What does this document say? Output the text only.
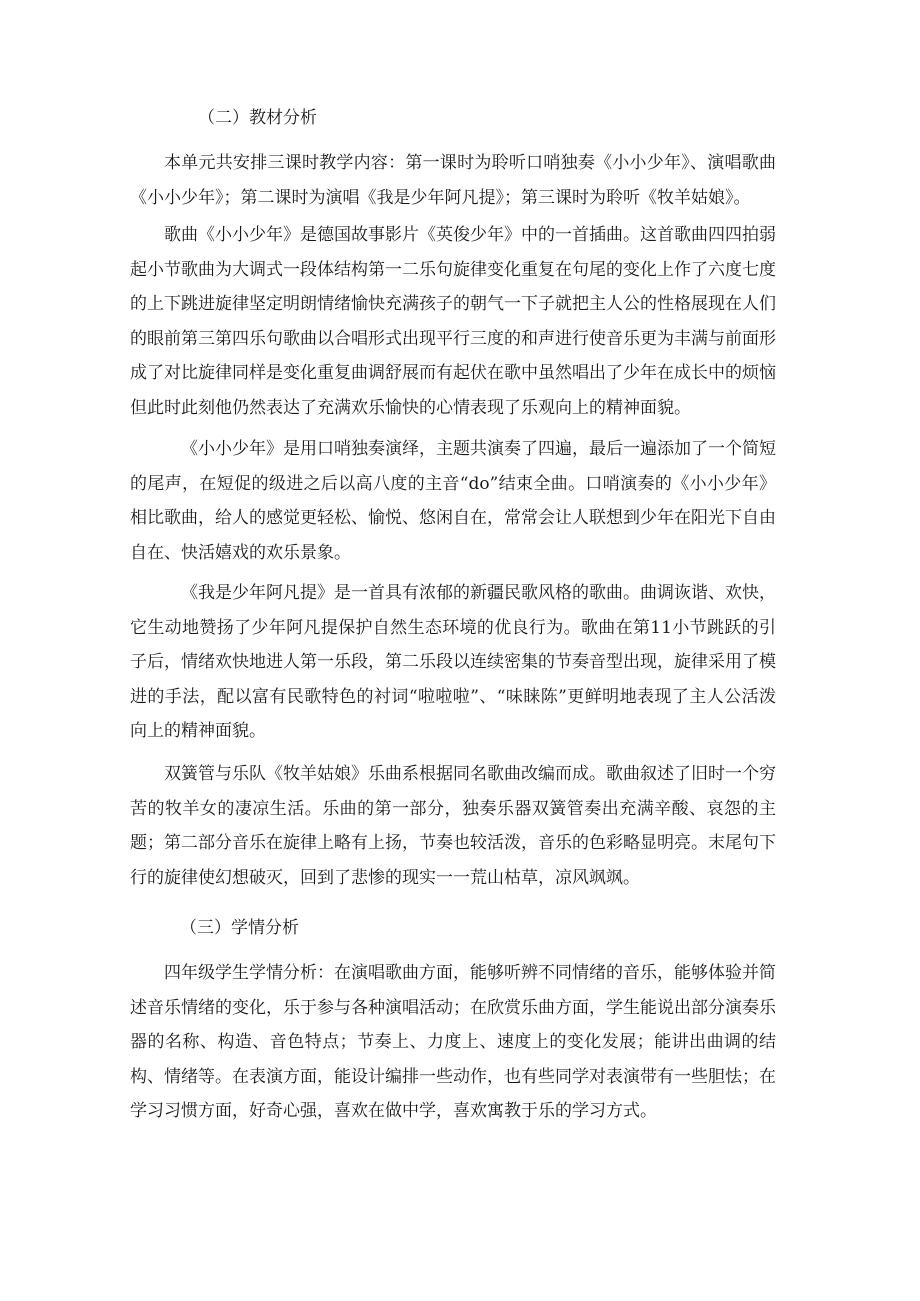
（二）教材分析

本单元共安排三课时教学内容：第一课时为聆听口哨独奏《小小少年》、演唱歌曲《小小少年》；第二课时为演唱《我是少年阿凡提》；第三课时为聆听《牧羊姑娘》。

歌曲《小小少年》是德国故事影片《英俊少年》中的一首插曲。这首歌曲四四拍弱起小节歌曲为大调式一段体结构第一二乐句旋律变化重复在句尾的变化上作了六度七度的上下跳进旋律坚定明朗情绪愉快充满孩子的朝气一下子就把主人公的性格展现在人们的眼前第三第四乐句歌曲以合唱形式出现平行三度的和声进行使音乐更为丰满与前面形成了对比旋律同样是变化重复曲调舒展而有起伏在歌中虽然唱出了少年在成长中的烦恼但此时此刻他仍然表达了充满欢乐愉快的心情表现了乐观向上的精神面貌。

《小小少年》是用口哨独奏演绎，主题共演奏了四遍，最后一遍添加了一个简短的尾声，在短促的级进之后以高八度的主音“do”结束全曲。口哨演奏的《小小少年》相比歌曲，给人的感觉更轻松、愉悦、悠闲自在，常常会让人联想到少年在阳光下自由自在、快活嬉戏的欢乐景象。

《我是少年阿凡提》是一首具有浓郁的新疆民歌风格的歌曲。曲调诙谐、欢快，它生动地赞扬了少年阿凡提保护自然生态环境的优良行为。歌曲在第11小节跳跃的引子后，情绪欢快地进人第一乐段，第二乐段以连续密集的节奏音型出现，旋律采用了模进的手法，配以富有民歌特色的衬词“啦啦啦”、“味睐陈”更鲜明地表现了主人公活泼向上的精神面貌。

双簧管与乐队《牧羊姑娘》乐曲系根据同名歌曲改编而成。歌曲叙述了旧时一个穷苦的牧羊女的凄凉生活。乐曲的第一部分，独奏乐器双簧管奏出充满辛酸、哀怨的主题；第二部分音乐在旋律上略有上扬，节奏也较活泼，音乐的色彩略显明亮。末尾句下行的旋律使幻想破灭，回到了悲惨的现实一一荒山枯草，凉风飒飒。

（三）学情分析

四年级学生学情分析：在演唱歌曲方面，能够听辨不同情绪的音乐，能够体验并简述音乐情绪的变化，乐于参与各种演唱活动；在欣赏乐曲方面，学生能说出部分演奏乐器的名称、构造、音色特点；节奏上、力度上、速度上的变化发展；能讲出曲调的结构、情绪等。在表演方面，能设计编排一些动作，也有些同学对表演带有一些胆怯；在学习习惯方面，好奇心强，喜欢在做中学，喜欢寓教于乐的学习方式。
